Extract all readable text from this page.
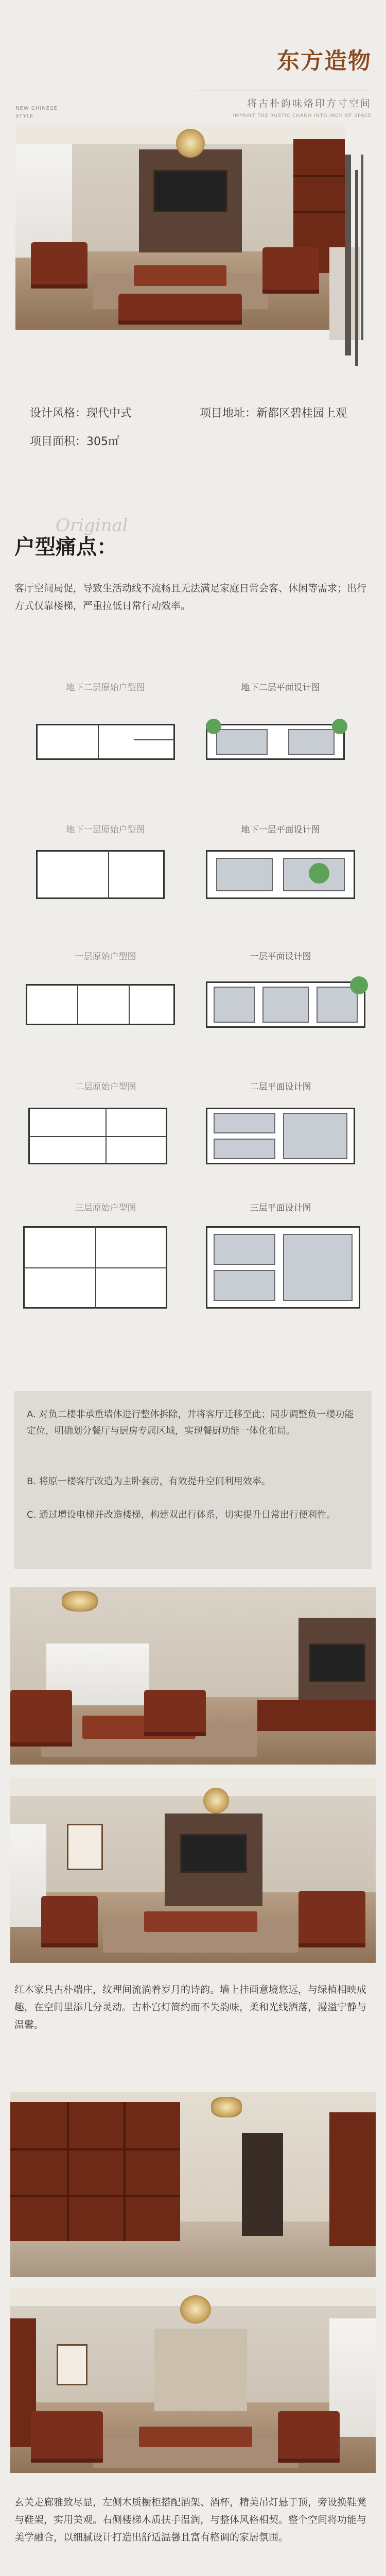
东方造物
将古朴韵味烙印方寸空间
IMPRINT THE RUSTIC CHARM INTO INCH OF SPACE
NEW CHINESE
STYLE
设计风格：现代中式	项目地址：新都区碧桂园上观
项目面积：305㎡
Original
户型痛点：
客厅空间局促，导致生活动线不流畅且无法满足家庭日常会客、休闲等需求；出行方式仅靠楼梯，严重拉低日常行动效率。
地下二层原始户型图	地下二层平面设计图
地下一层原始户型图	地下一层平面设计图
一层原始户型图	一层平面设计图
二层原始户型图	二层平面设计图
三层原始户型图	三层平面设计图
A. 对负二楼非承重墙体进行整体拆除，并将客厅迁移至此；同步调整负一楼功能定位，明确划分餐厅与厨房专属区域，实现餐厨功能一体化布局。
B. 将原一楼客厅改造为主卧套房，有效提升空间利用效率。
C. 通过增设电梯并改造楼梯，构建双出行体系，切实提升日常出行便利性。
红木家具古朴端庄，纹理间流淌着岁月的诗韵。墙上挂画意境悠远，与绿植相映成趣，在空间里添几分灵动。古朴宫灯简约而不失韵味，柔和光线洒落，漫溢宁静与温馨。
玄关走廊雅致尽显，左侧木质橱柜搭配酒架、酒杯，精美吊灯悬于顶，旁设换鞋凳与鞋架，实用美观。右侧楼梯木质扶手温润，与整体风格相契。整个空间将功能与美学融合，以细腻设计打造出舒适温馨且富有格调的家居氛围。
